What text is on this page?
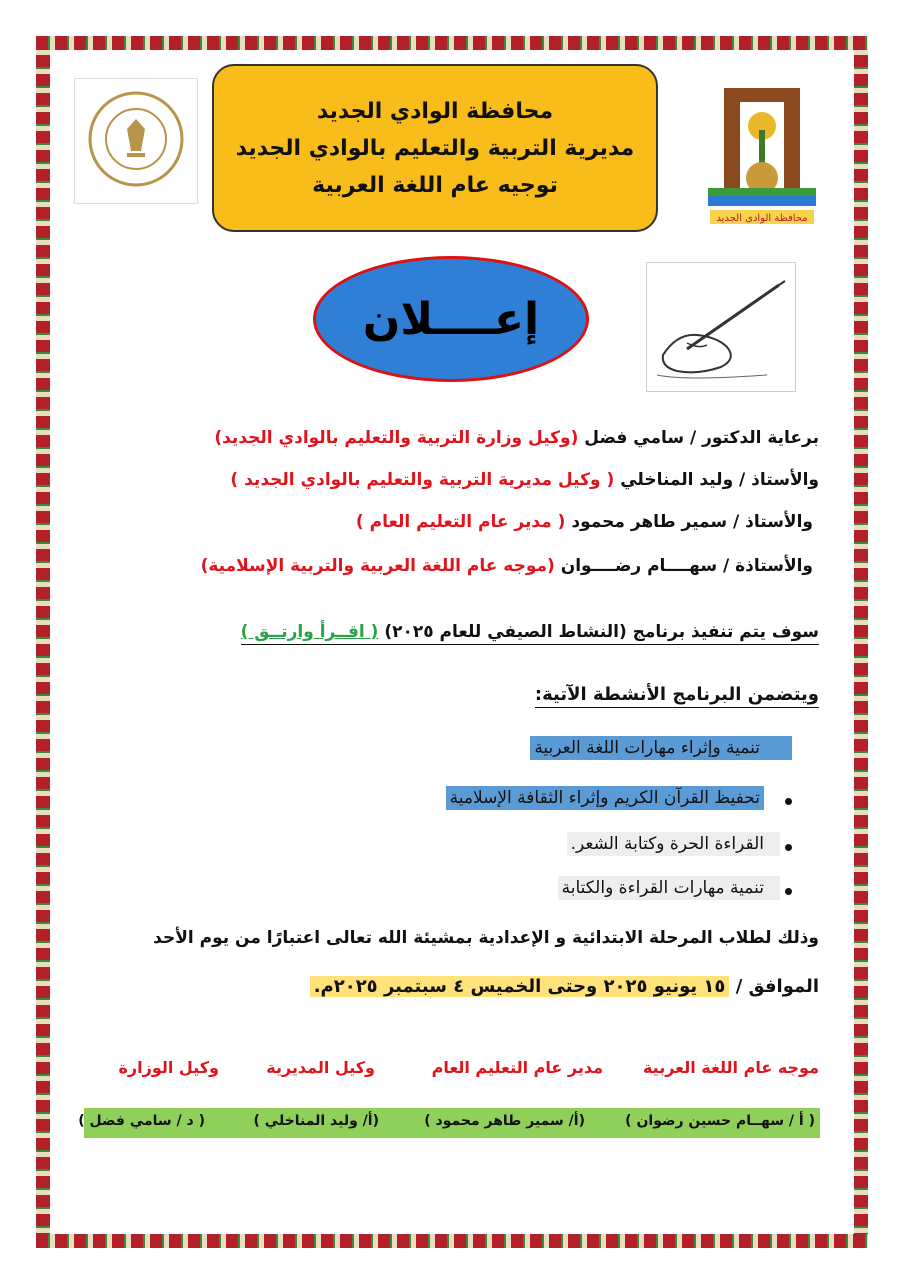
محافظة الوادي الجديد
مديرية التربية والتعليم بالوادي الجديد
توجيه عام اللغة العربية
محافظة الوادى الجديد
إعــــلان
برعاية الدكتور / سامي فضل (وكيل وزارة التربية والتعليم بالوادي الجديد)
والأستاذ / وليد المناخلي ( وكيل مديرية التربية والتعليم بالوادي الجديد )
والأستاذ / سمير طاهر محمود ( مدير عام التعليم العام )
والأستاذة / سهــــام رضــــوان (موجه عام اللغة العربية والتربية الإسلامية)
سوف يتم تنفيذ برنامج (النشاط الصيفي للعام ٢٠٢٥) ( اقــرأ وارتــق )
ويتضمن البرنامج الأنشطة الآتية:
تنمية وإثراء مهارات اللغة العربية
تحفيظ القرآن الكريم وإثراء الثقافة الإسلامية
القراءة الحرة وكتابة الشعر.
تنمية مهارات القراءة والكتابة
وذلك لطلاب المرحلة الابتدائية و الإعدادية بمشيئة الله تعالى اعتبارًا من يوم الأحد
الموافق / ١٥ يونيو ٢٠٢٥ وحتى الخميس ٤ سبتمبر ٢٠٢٥م.
موجه عام اللغة العربية
مدير عام التعليم العام
وكيل المديرية
وكيل الوزارة
( أ / سهــام حسين رضوان )
(أ/ سمير طاهر محمود )
(أ/ وليد المناخلي )
( د / سامي فضل )
